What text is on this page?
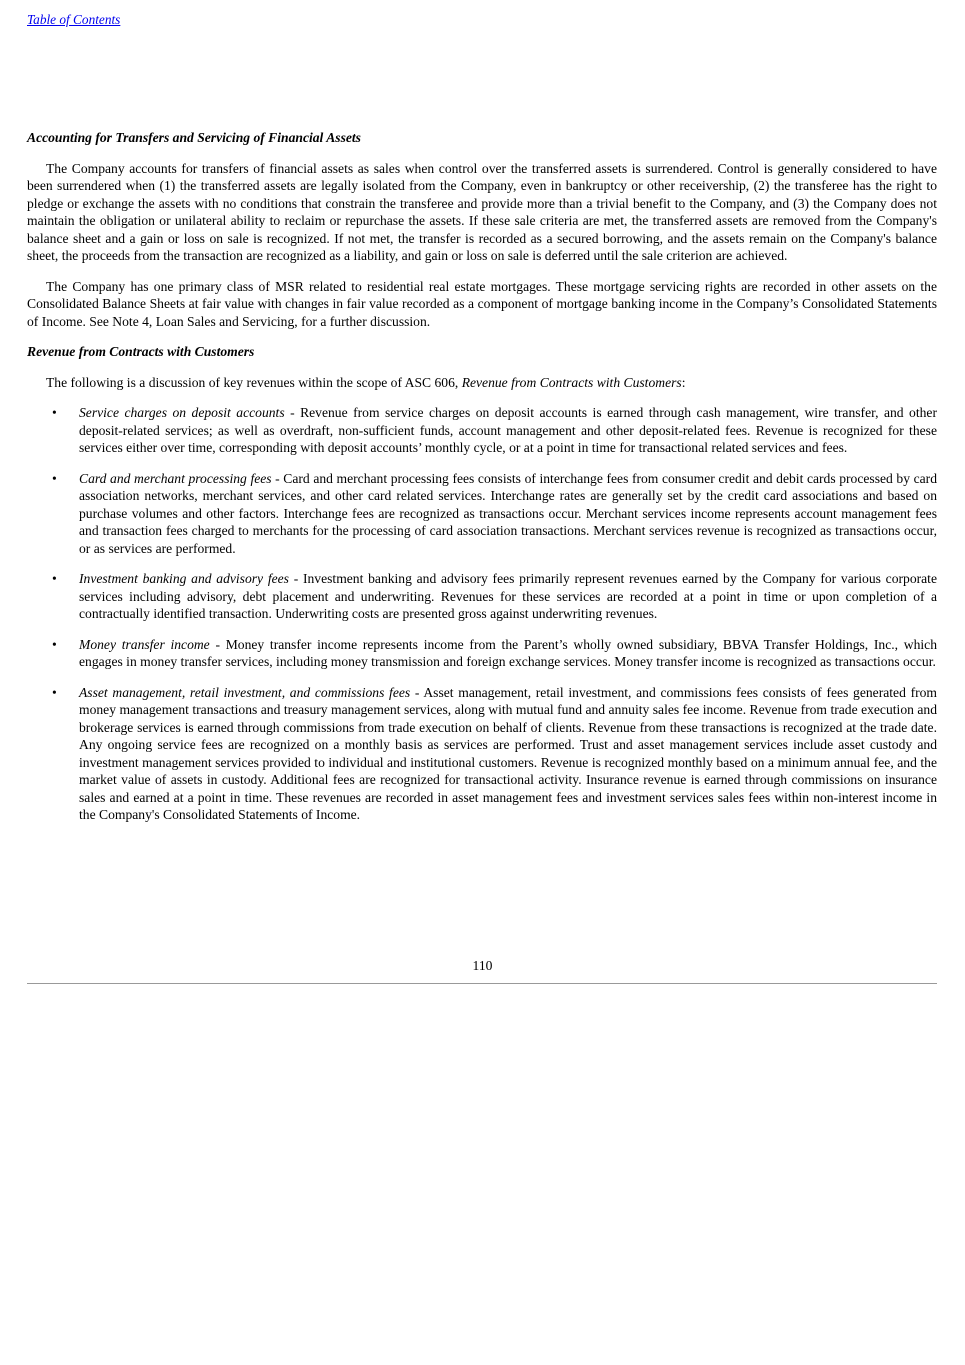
Table of Contents
Accounting for Transfers and Servicing of Financial Assets

The Company accounts for transfers of financial assets as sales when control over the transferred assets is surrendered. Control is generally considered to have been surrendered when (1) the transferred assets are legally isolated from the Company, even in bankruptcy or other receivership, (2) the transferee has the right to pledge or exchange the assets with no conditions that constrain the transferee and provide more than a trivial benefit to the Company, and (3) the Company does not maintain the obligation or unilateral ability to reclaim or repurchase the assets. If these sale criteria are met, the transferred assets are removed from the Company's balance sheet and a gain or loss on sale is recognized. If not met, the transfer is recorded as a secured borrowing, and the assets remain on the Company's balance sheet, the proceeds from the transaction are recognized as a liability, and gain or loss on sale is deferred until the sale criterion are achieved.

The Company has one primary class of MSR related to residential real estate mortgages. These mortgage servicing rights are recorded in other assets on the Consolidated Balance Sheets at fair value with changes in fair value recorded as a component of mortgage banking income in the Company’s Consolidated Statements of Income. See Note 4, Loan Sales and Servicing, for a further discussion.

Revenue from Contracts with Customers

The following is a discussion of key revenues within the scope of ASC 606, Revenue from Contracts with Customers:

• Service charges on deposit accounts - Revenue from service charges on deposit accounts is earned through cash management, wire transfer, and other deposit-related services; as well as overdraft, non-sufficient funds, account management and other deposit-related fees. Revenue is recognized for these services either over time, corresponding with deposit accounts’ monthly cycle, or at a point in time for transactional related services and fees.
• Card and merchant processing fees - Card and merchant processing fees consists of interchange fees from consumer credit and debit cards processed by card association networks, merchant services, and other card related services. Interchange rates are generally set by the credit card associations and based on purchase volumes and other factors. Interchange fees are recognized as transactions occur. Merchant services income represents account management fees and transaction fees charged to merchants for the processing of card association transactions. Merchant services revenue is recognized as transactions occur, or as services are performed.
• Investment banking and advisory fees - Investment banking and advisory fees primarily represent revenues earned by the Company for various corporate services including advisory, debt placement and underwriting. Revenues for these services are recorded at a point in time or upon completion of a contractually identified transaction. Underwriting costs are presented gross against underwriting revenues.
• Money transfer income - Money transfer income represents income from the Parent’s wholly owned subsidiary, BBVA Transfer Holdings, Inc., which engages in money transfer services, including money transmission and foreign exchange services. Money transfer income is recognized as transactions occur.
• Asset management, retail investment, and commissions fees - Asset management, retail investment, and commissions fees consists of fees generated from money management transactions and treasury management services, along with mutual fund and annuity sales fee income. Revenue from trade execution and brokerage services is earned through commissions from trade execution on behalf of clients. Revenue from these transactions is recognized at the trade date. Any ongoing service fees are recognized on a monthly basis as services are performed. Trust and asset management services include asset custody and investment management services provided to individual and institutional customers. Revenue is recognized monthly based on a minimum annual fee, and the market value of assets in custody. Additional fees are recognized for transactional activity. Insurance revenue is earned through commissions on insurance sales and earned at a point in time. These revenues are recorded in asset management fees and investment services sales fees within non-interest income in the Company's Consolidated Statements of Income.
110
